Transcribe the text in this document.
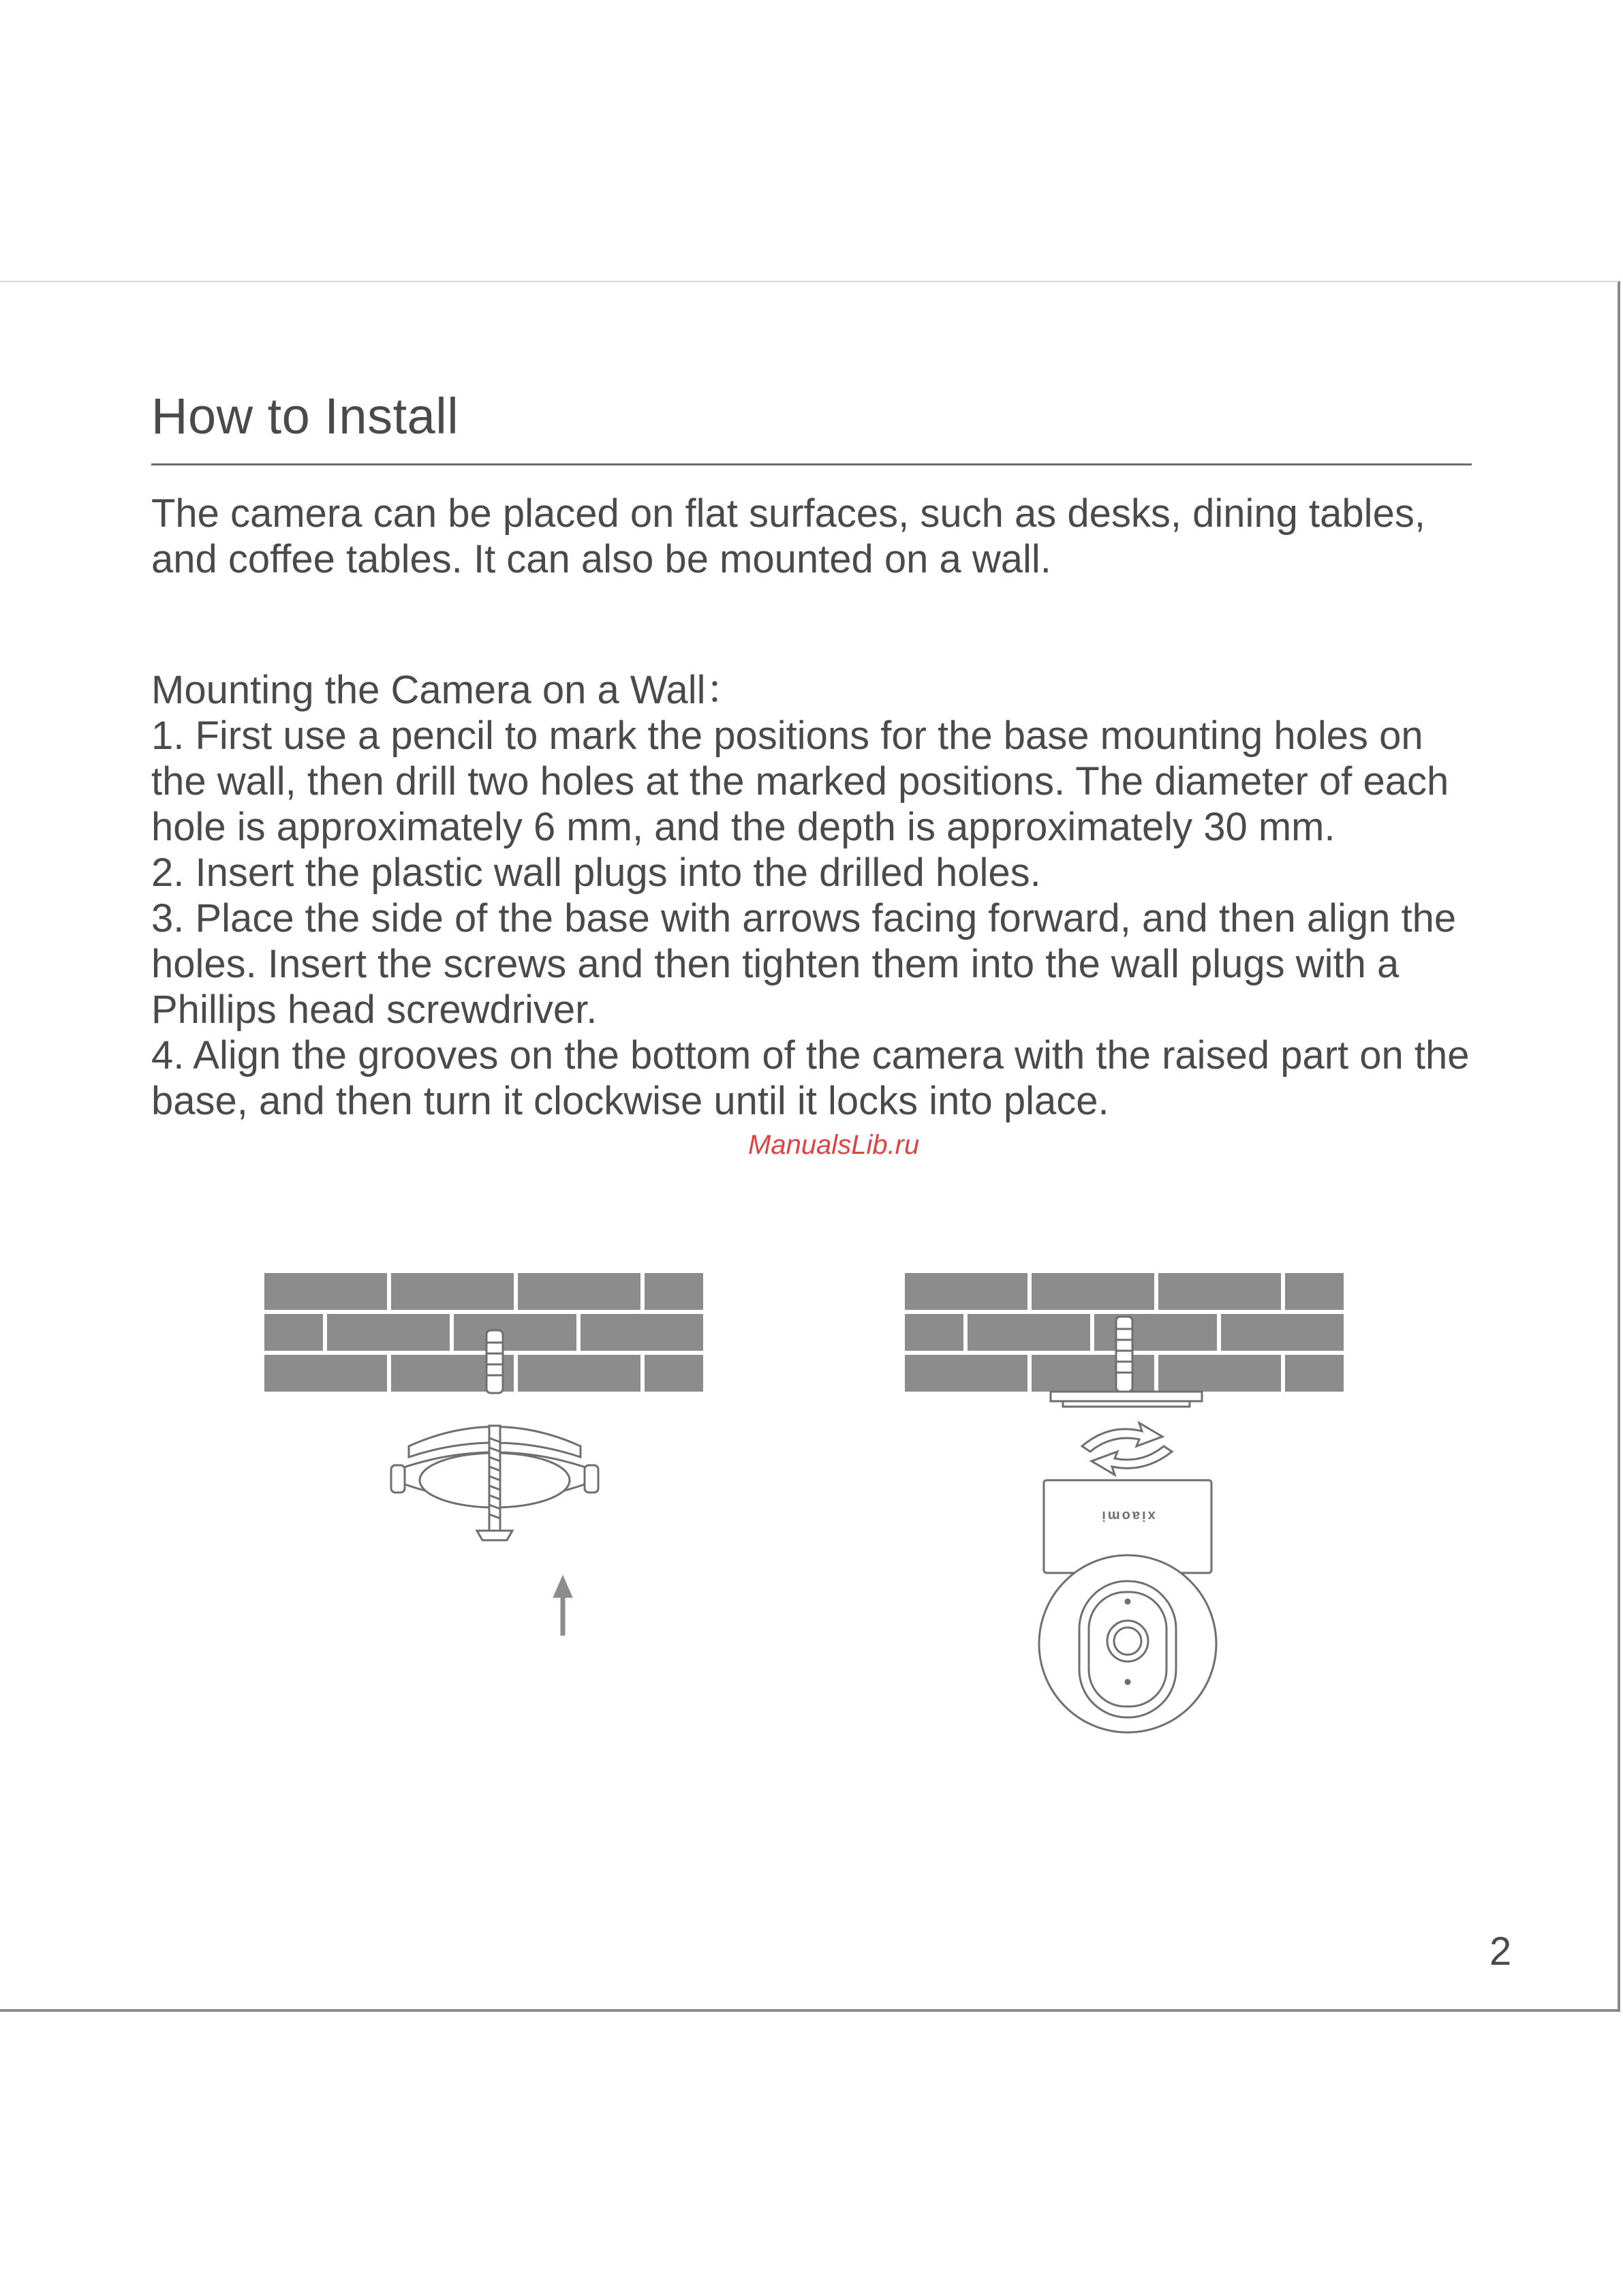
How to Install

The camera can be placed on flat surfaces, such as desks, dining tables, and coffee tables. It can also be mounted on a wall.

Mounting the Camera on a Wall：

1. First use a pencil to mark the positions for the base mounting holes on the wall, then drill two holes at the marked positions. The diameter of each hole is approximately 6 mm, and the depth is approximately 30 mm.

2. Insert the plastic wall plugs into the drilled holes.

3. Place the side of the base with arrows facing forward, and then align the holes. Insert the screws and then tighten them into the wall plugs with a Phillips head screwdriver.

4. Align the grooves on the bottom of the camera with the raised part on the base, and then turn it clockwise until it locks into place.

ManualsLib.ru
xiaomi
2
